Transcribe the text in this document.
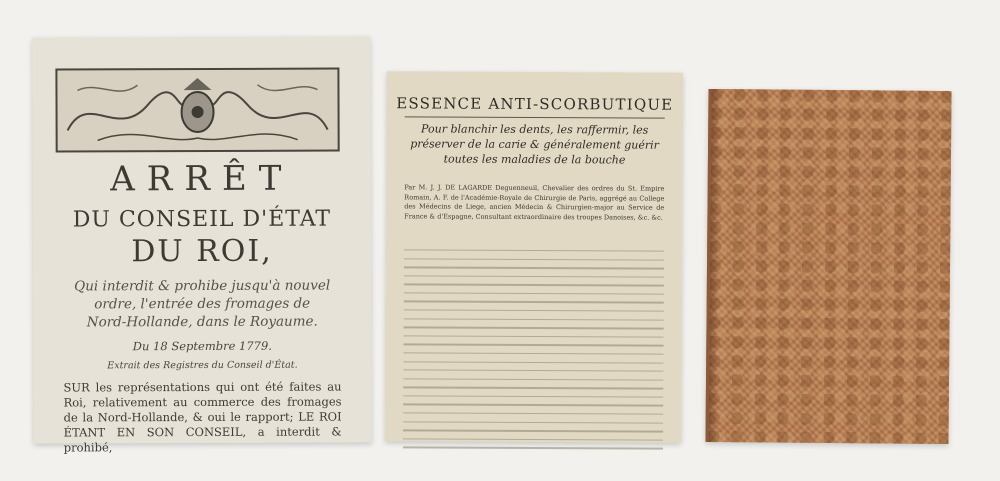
ARRÊT
DU CONSEIL D'ÉTAT
DU ROI,
Qui interdit & prohibe jusqu'à nouvel ordre, l'entrée des fromages de Nord-Hollande, dans le Royaume.
Du 18 Septembre 1779.
Extrait des Registres du Conseil d'État.
SUR les représentations qui ont été faites au Roi, relativement au commerce des fromages de la Nord-Hollande, & oui le rapport; LE ROI ÉTANT EN SON CONSEIL, a interdit & prohibé,
ESSENCE ANTI-SCORBUTIQUE
Pour blanchir les dents, les raffermir, les préserver de la carie & généralement guérir toutes les maladies de la bouche
Par M. J. J. DE LAGARDE Deguenneuil, Chevalier des ordres du St. Empire Romain, A. F. de l'Académie-Royale de Chirurgie de Paris, aggrégé au College des Médecins de Liege, ancien Médecin & Chirurgien-major au Service de France & d'Espagne, Consultant extraordinaire des troupes Danoises, &c. &c.
